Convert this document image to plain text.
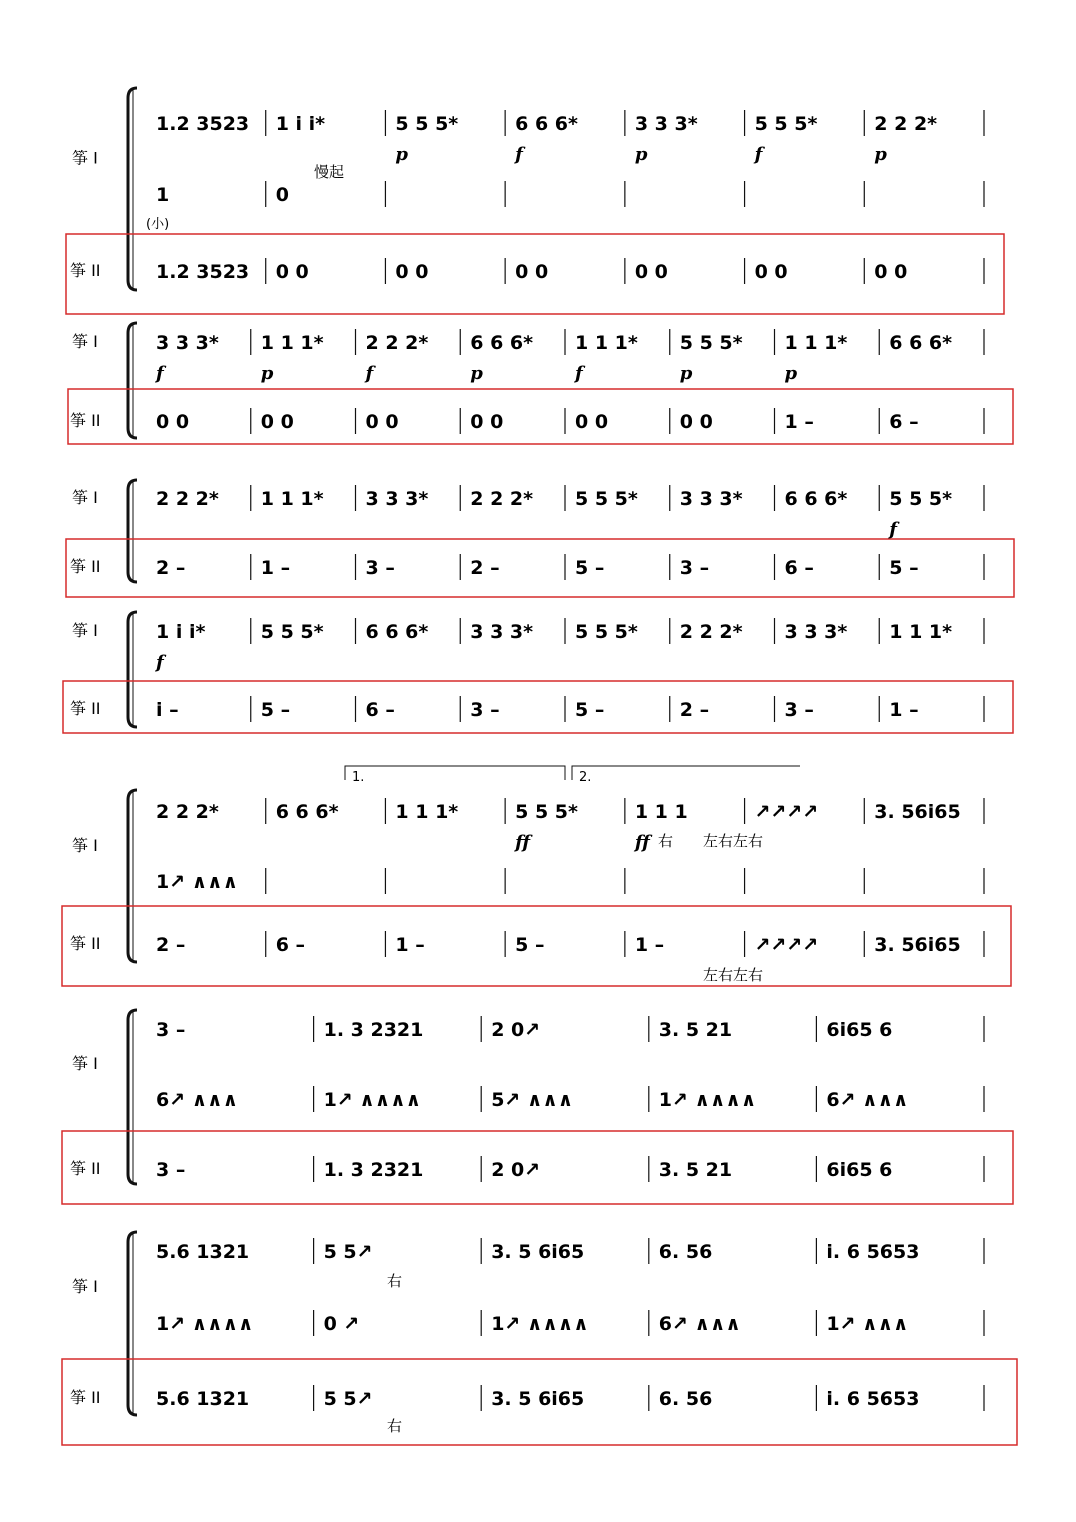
筝 I
筝 II
1.2 3523
1
1.2 3523
1 i i*
0
0 0
5 5 5*
p
0 0
6 6 6*
f
0 0
3 3 3*
p
0 0
5 5 5*
f
0 0
2 2 2*
p
0 0
筝 I
筝 II
3 3 3*
f
0 0
1 1 1*
p
0 0
2 2 2*
f
0 0
6 6 6*
p
0 0
1 1 1*
f
0 0
5 5 5*
p
0 0
1 1 1*
p
1 –
6 6 6*
6 –
筝 I
筝 II
2 2 2*
2 –
1 1 1*
1 –
3 3 3*
3 –
2 2 2*
2 –
5 5 5*
5 –
3 3 3*
3 –
6 6 6*
6 –
5 5 5*
f
5 –
筝 I
筝 II
1 i i*
f
i –
5 5 5*
5 –
6 6 6*
6 –
3 3 3*
3 –
5 5 5*
5 –
2 2 2*
2 –
3 3 3*
3 –
1 1 1*
1 –
筝 I
筝 II
2 2 2*
1↗ ∧∧∧
2 –
6 6 6*
6 –
1 1 1*
1 –
5 5 5*
ff
5 –
1 1 1
ff
1 –
↗↗↗↗
↗↗↗↗
3. 56i65
3. 56i65
筝 I
筝 II
3 –
6↗ ∧∧∧
3 –
1. 3 2321
1↗ ∧∧∧∧
1. 3 2321
2 0↗
5↗ ∧∧∧
2 0↗
3. 5 21
1↗ ∧∧∧∧
3. 5 21
6i65 6
6↗ ∧∧∧
6i65 6
筝 I
筝 II
5.6 1321
1↗ ∧∧∧∧
5.6 1321
5 5↗
0 ↗
5 5↗
3. 5 6i65
1↗ ∧∧∧∧
3. 5 6i65
6. 56
6↗ ∧∧∧
6. 56
i. 6 5653
1↗ ∧∧∧
i. 6 5653
慢起
(小)
1.	2.
右 左右左右
左右左右
右
右
